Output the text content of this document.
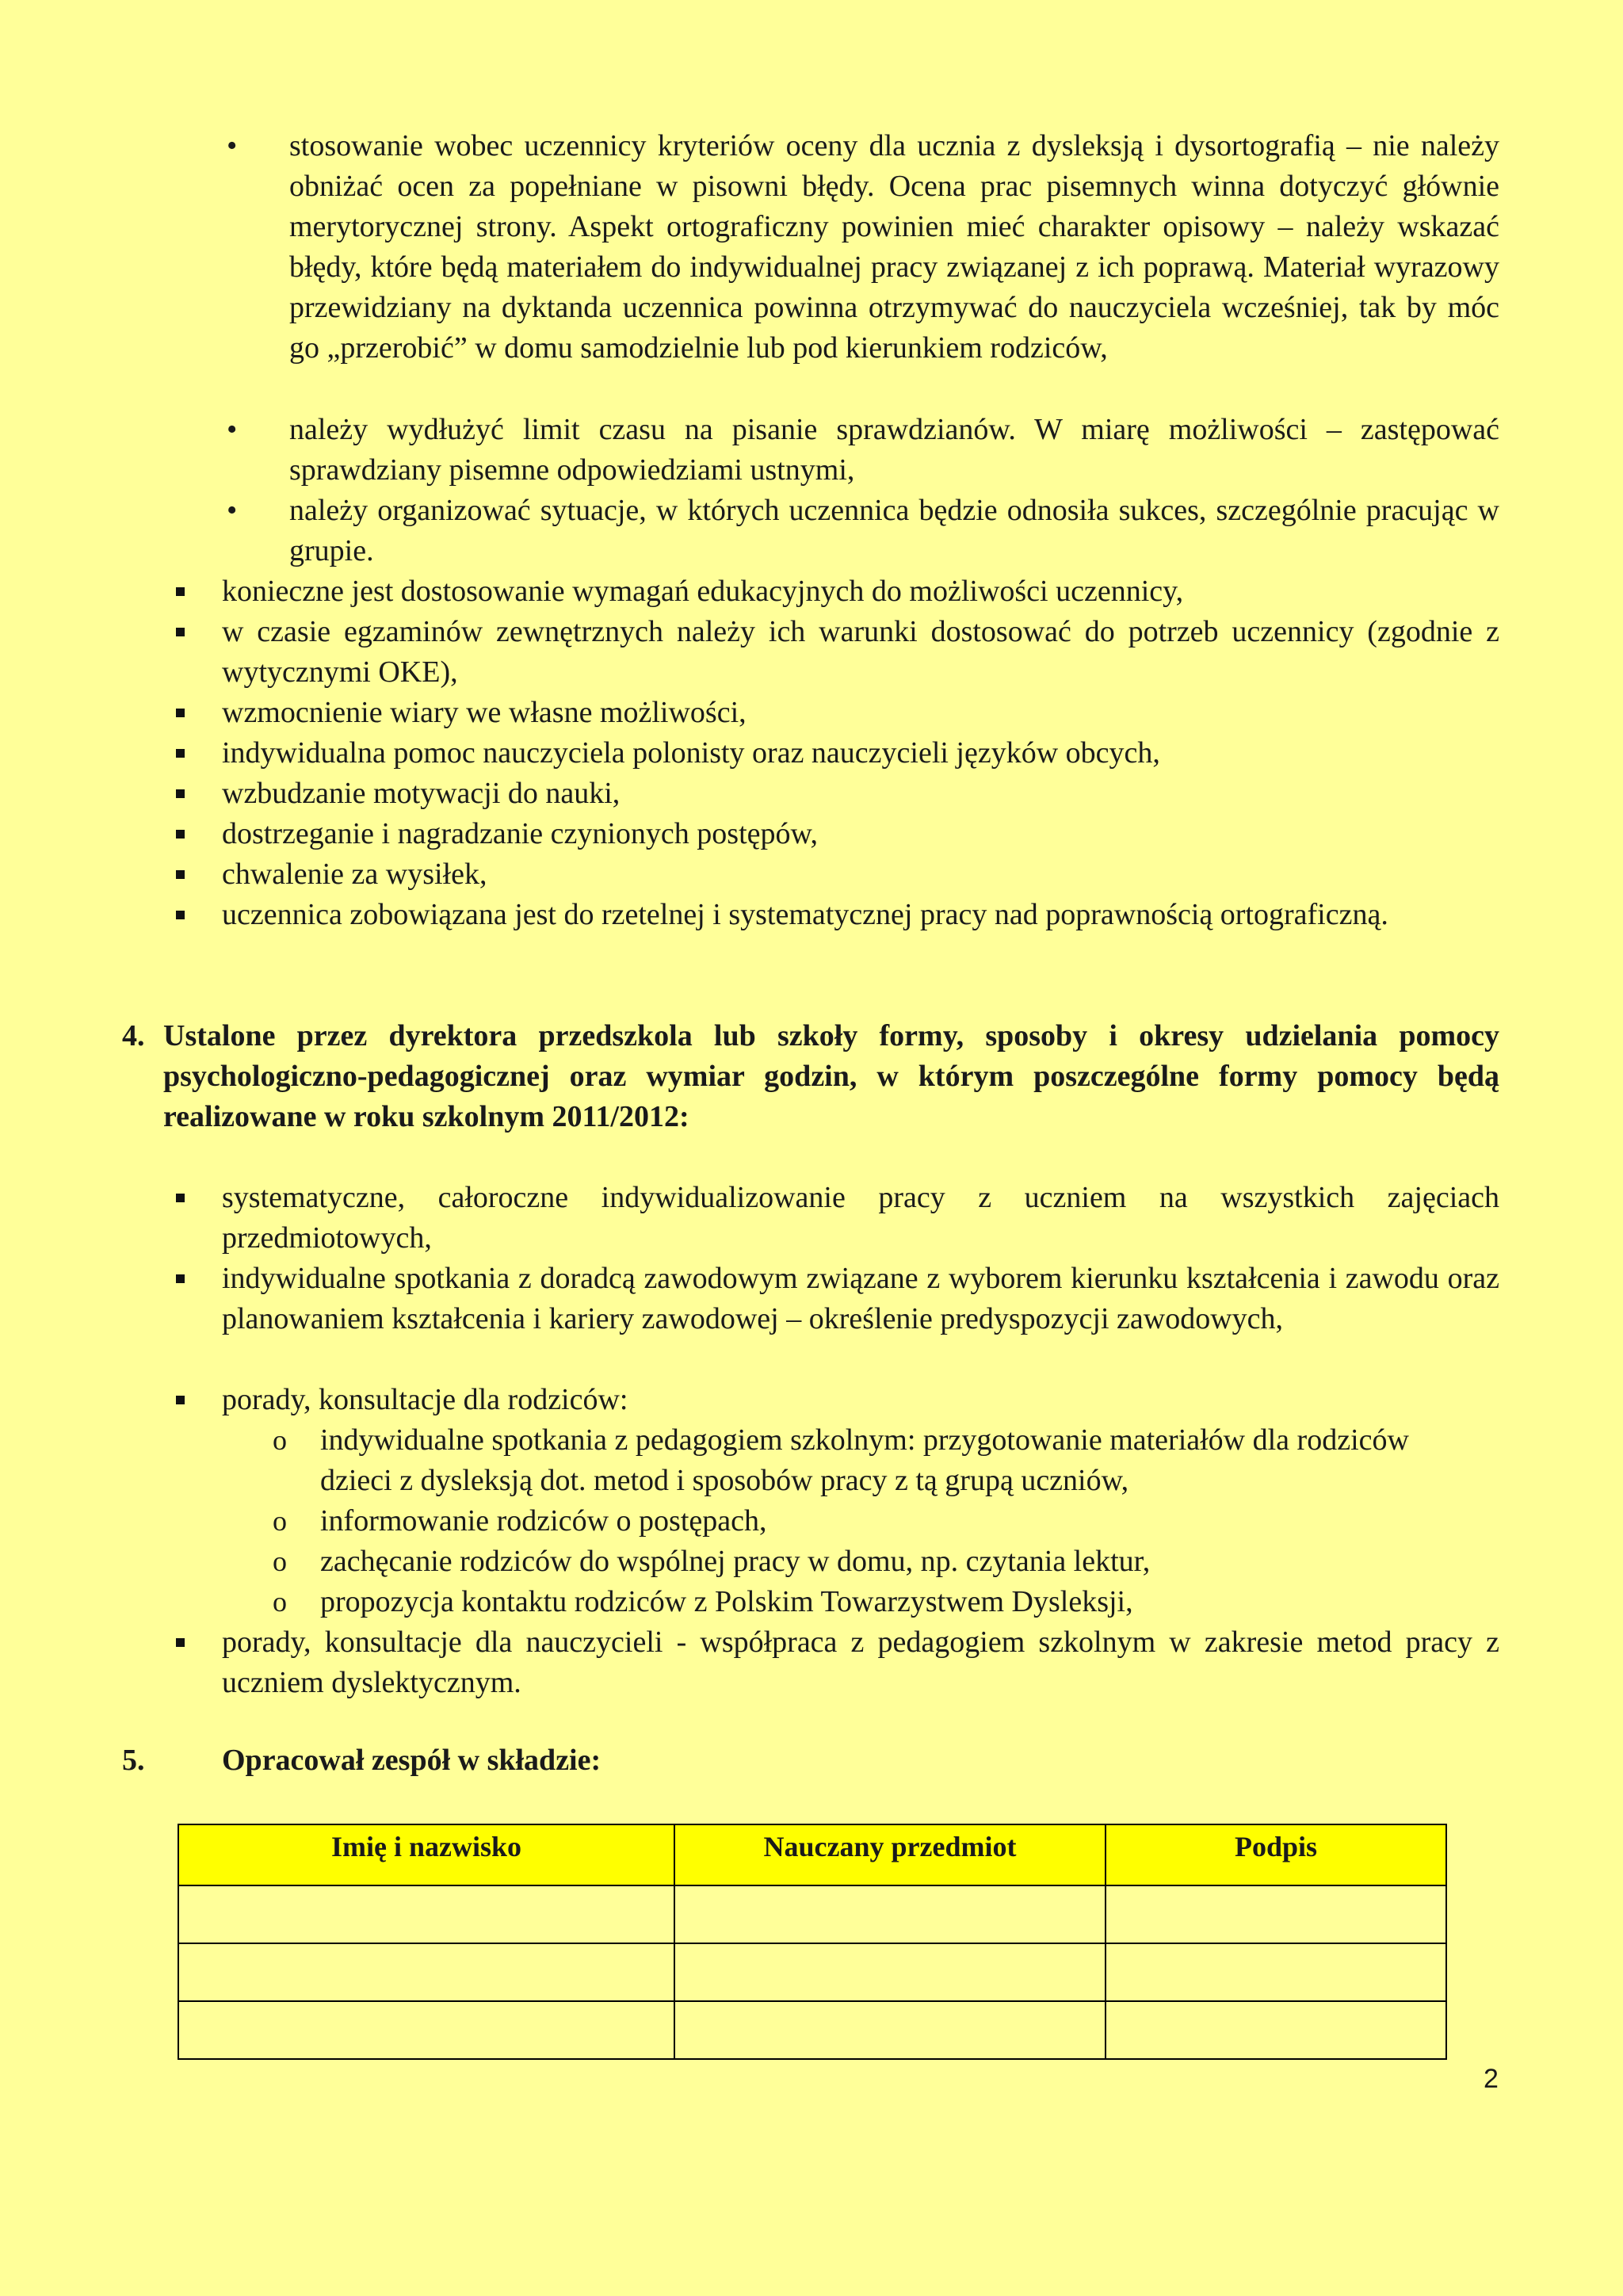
• stosowanie wobec uczennicy kryteriów oceny dla ucznia z dysleksją i dysortografią – nie należy obniżać ocen za popełniane w pisowni błędy. Ocena prac pisemnych winna dotyczyć głównie merytorycznej strony. Aspekt ortograficzny powinien mieć charakter opisowy – należy wskazać błędy, które będą materiałem do indywidualnej pracy związanej z ich poprawą. Materiał wyrazowy przewidziany na dyktanda uczennica powinna otrzymywać do nauczyciela wcześniej, tak by móc go „przerobić” w domu samodzielnie lub pod kierunkiem rodziców,
• należy wydłużyć limit czasu na pisanie sprawdzianów. W miarę możliwości – zastępować sprawdziany pisemne odpowiedziami ustnymi,
• należy organizować sytuacje, w których uczennica będzie odnosiła sukces, szczególnie pracując w grupie.
konieczne jest dostosowanie wymagań edukacyjnych do możliwości uczennicy,
w czasie egzaminów zewnętrznych należy ich warunki dostosować do potrzeb uczennicy (zgodnie z wytycznymi OKE),
wzmocnienie wiary we własne możliwości,
indywidualna pomoc nauczyciela polonisty oraz nauczycieli języków obcych,
wzbudzanie motywacji do nauki,
dostrzeganie i nagradzanie czynionych postępów,
chwalenie za wysiłek,
uczennica zobowiązana jest do rzetelnej i systematycznej pracy nad poprawnością ortograficzną.
4. Ustalone przez dyrektora przedszkola lub szkoły formy, sposoby i okresy udzielania pomocy psychologiczno-pedagogicznej oraz wymiar godzin, w którym poszczególne formy pomocy będą realizowane w roku szkolnym 2011/2012:
systematyczne, całoroczne indywidualizowanie pracy z uczniem na wszystkich zajęciach przedmiotowych,
indywidualne spotkania z doradcą zawodowym związane z wyborem kierunku kształcenia i zawodu oraz planowaniem kształcenia i kariery zawodowej – określenie predyspozycji zawodowych,
porady, konsultacje dla rodziców:
o indywidualne spotkania z pedagogiem szkolnym: przygotowanie materiałów dla rodziców dzieci z dysleksją dot. metod i sposobów pracy z tą grupą uczniów,
o informowanie rodziców o postępach,
o zachęcanie rodziców do wspólnej pracy w domu, np. czytania lektur,
o propozycja kontaktu rodziców z Polskim Towarzystwem Dysleksji,
porady, konsultacje dla nauczycieli - współpraca z pedagogiem szkolnym w zakresie metod pracy z uczniem dyslektycznym.
5.	Opracował zespół w składzie:
Imię i nazwisko	Nauczany przedmiot	Podpis

2
